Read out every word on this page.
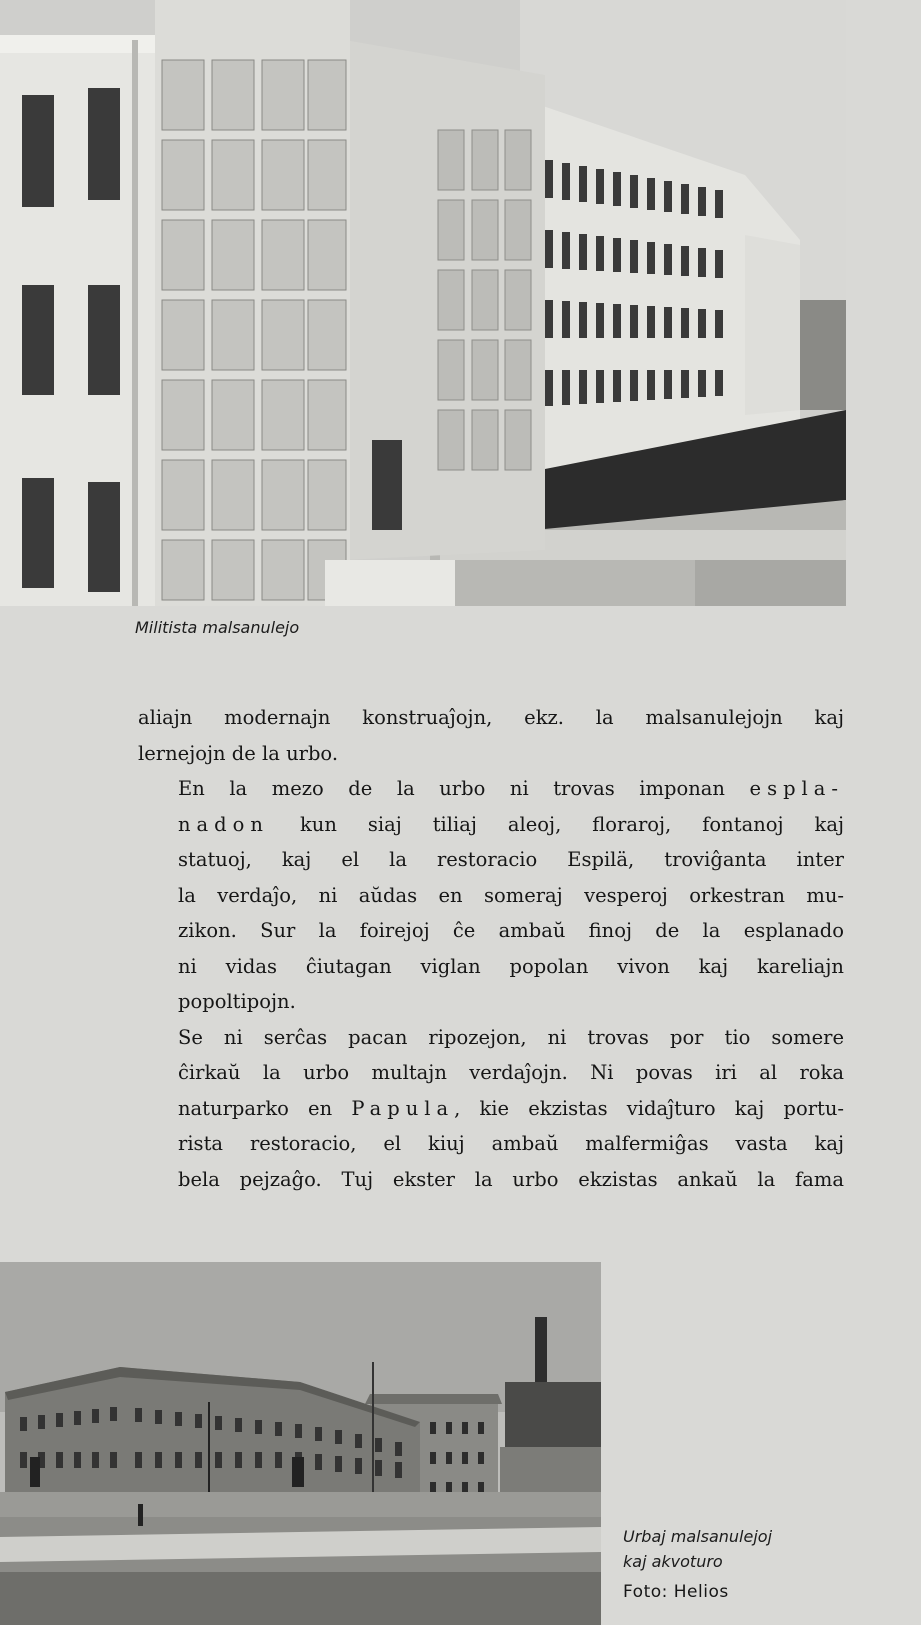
Militista malsanulejo

aliajn modernajn konstruaĵojn, ekz. la malsanulejojn kaj
lernejojn de la urbo.

En la mezo de la urbo ni trovas imponan espla-
nadon kun siaj tiliaj aleoj, floraroj, fontanoj kaj
statuoj, kaj el la restoracio Espilä, troviĝanta inter
la verdaĵo, ni aŭdas en someraj vesperoj orkestran mu-
zikon. Sur la foirejoj ĉe ambaŭ finoj de la esplanado
ni vidas ĉiutagan viglan popolan vivon kaj kareliajn
popoltipojn.

Se ni serĉas pacan ripozejon, ni trovas por tio somere
ĉirkaŭ la urbo multajn verdaĵojn. Ni povas iri al roka
naturparko en Papula, kie ekzistas vidaĵturo kaj portu-
rista restoracio, el kiuj ambaŭ malfermiĝas vasta kaj
bela pejzaĝo. Tuj ekster la urbo ekzistas ankaŭ la fama

Urbaj malsanulejoj
kaj akvoturo
Foto: Helios
